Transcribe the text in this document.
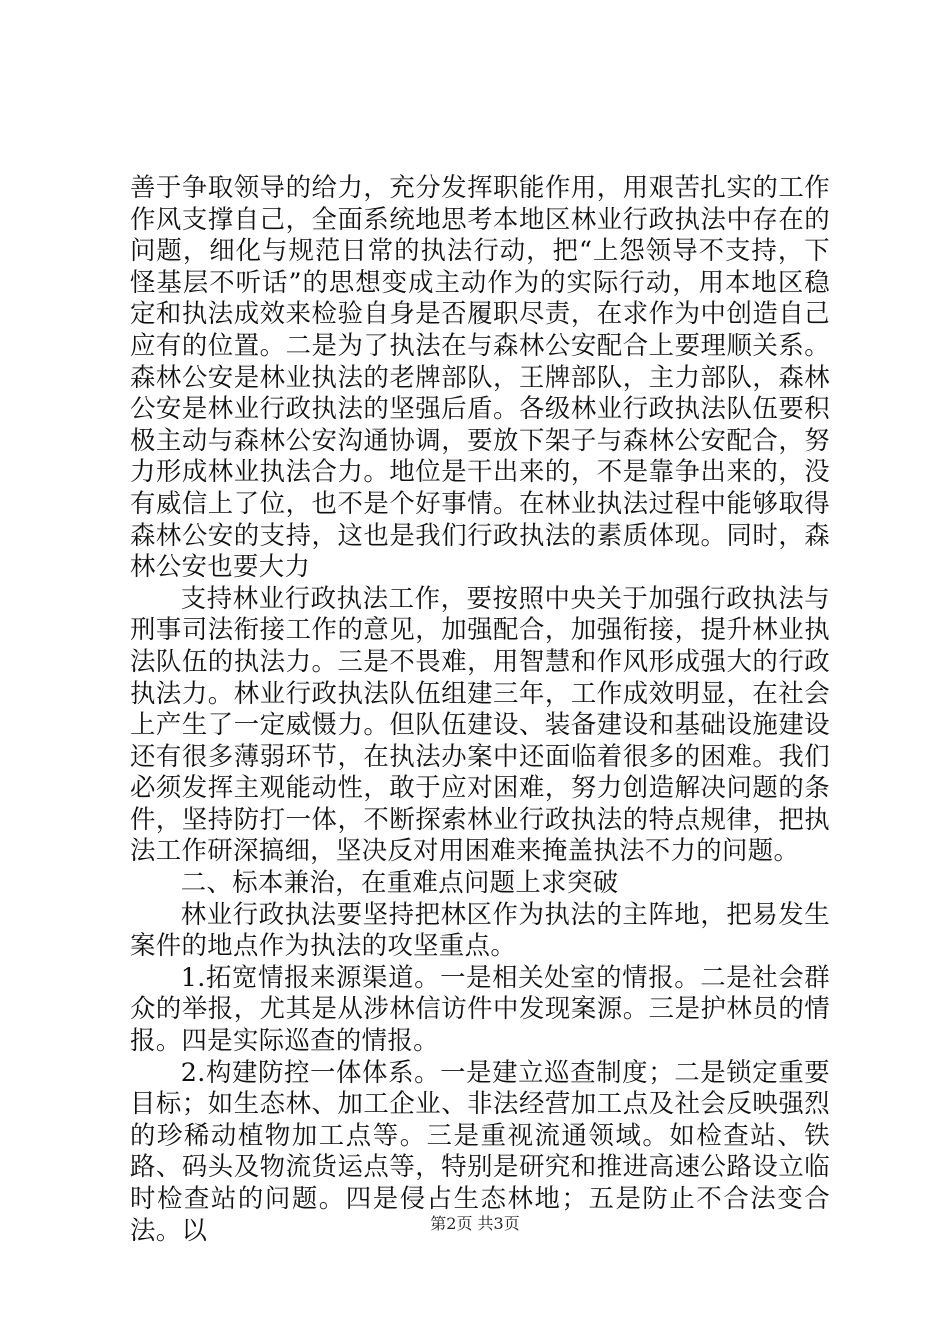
善于争取领导的给力，充分发挥职能作用，用艰苦扎实的工作作风支撑自己，全面系统地思考本地区林业行政执法中存在的问题，细化与规范日常的执法行动，把“上怨领导不支持，下怪基层不听话”的思想变成主动作为的实际行动，用本地区稳定和执法成效来检验自身是否履职尽责，在求作为中创造自己应有的位置。二是为了执法在与森林公安配合上要理顺关系。森林公安是林业执法的老牌部队，王牌部队，主力部队，森林公安是林业行政执法的坚强后盾。各级林业行政执法队伍要积极主动与森林公安沟通协调，要放下架子与森林公安配合，努力形成林业执法合力。地位是干出来的，不是靠争出来的，没有威信上了位，也不是个好事情。在林业执法过程中能够取得森林公安的支持，这也是我们行政执法的素质体现。同时，森林公安也要大力

支持林业行政执法工作，要按照中央关于加强行政执法与刑事司法衔接工作的意见，加强配合，加强衔接，提升林业执法队伍的执法力。三是不畏难，用智慧和作风形成强大的行政执法力。林业行政执法队伍组建三年，工作成效明显，在社会上产生了一定威慑力。但队伍建设、装备建设和基础设施建设还有很多薄弱环节，在执法办案中还面临着很多的困难。我们必须发挥主观能动性，敢于应对困难，努力创造解决问题的条件，坚持防打一体，不断探索林业行政执法的特点规律，把执法工作研深搞细，坚决反对用困难来掩盖执法不力的问题。

二、标本兼治，在重难点问题上求突破

林业行政执法要坚持把林区作为执法的主阵地，把易发生案件的地点作为执法的攻坚重点。

1.拓宽情报来源渠道。一是相关处室的情报。二是社会群众的举报，尤其是从涉林信访件中发现案源。三是护林员的情报。四是实际巡查的情报。

2.构建防控一体体系。一是建立巡查制度；二是锁定重要目标；如生态林、加工企业、非法经营加工点及社会反映强烈的珍稀动植物加工点等。三是重视流通领域。如检查站、铁路、码头及物流货运点等，特别是研究和推进高速公路设立临时检查站的问题。四是侵占生态林地；五是防止不合法变合法。以	第2页 共3页
